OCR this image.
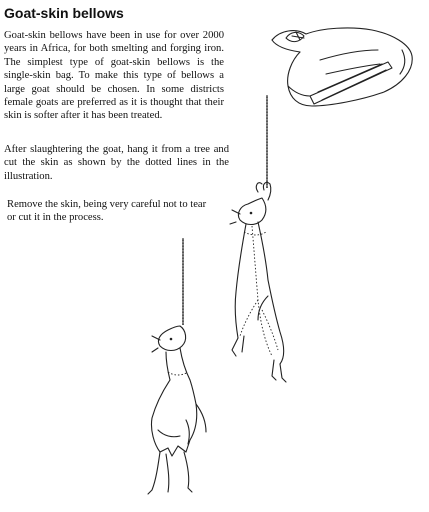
Goat-skin bellows

Goat-skin bellows have been in use for over 2000 years in Africa, for both smelting and forging iron. The simplest type of goat-skin bellows is the single-skin bag. To make this type of bellows a large goat should be chosen. In some districts female goats are preferred as it is thought that their skin is softer after it has been treated.

After slaughtering the goat, hang it from a tree and cut the skin as shown by the dotted lines in the illustration.

Remove the skin, being very careful not to tear or cut it in the process.
